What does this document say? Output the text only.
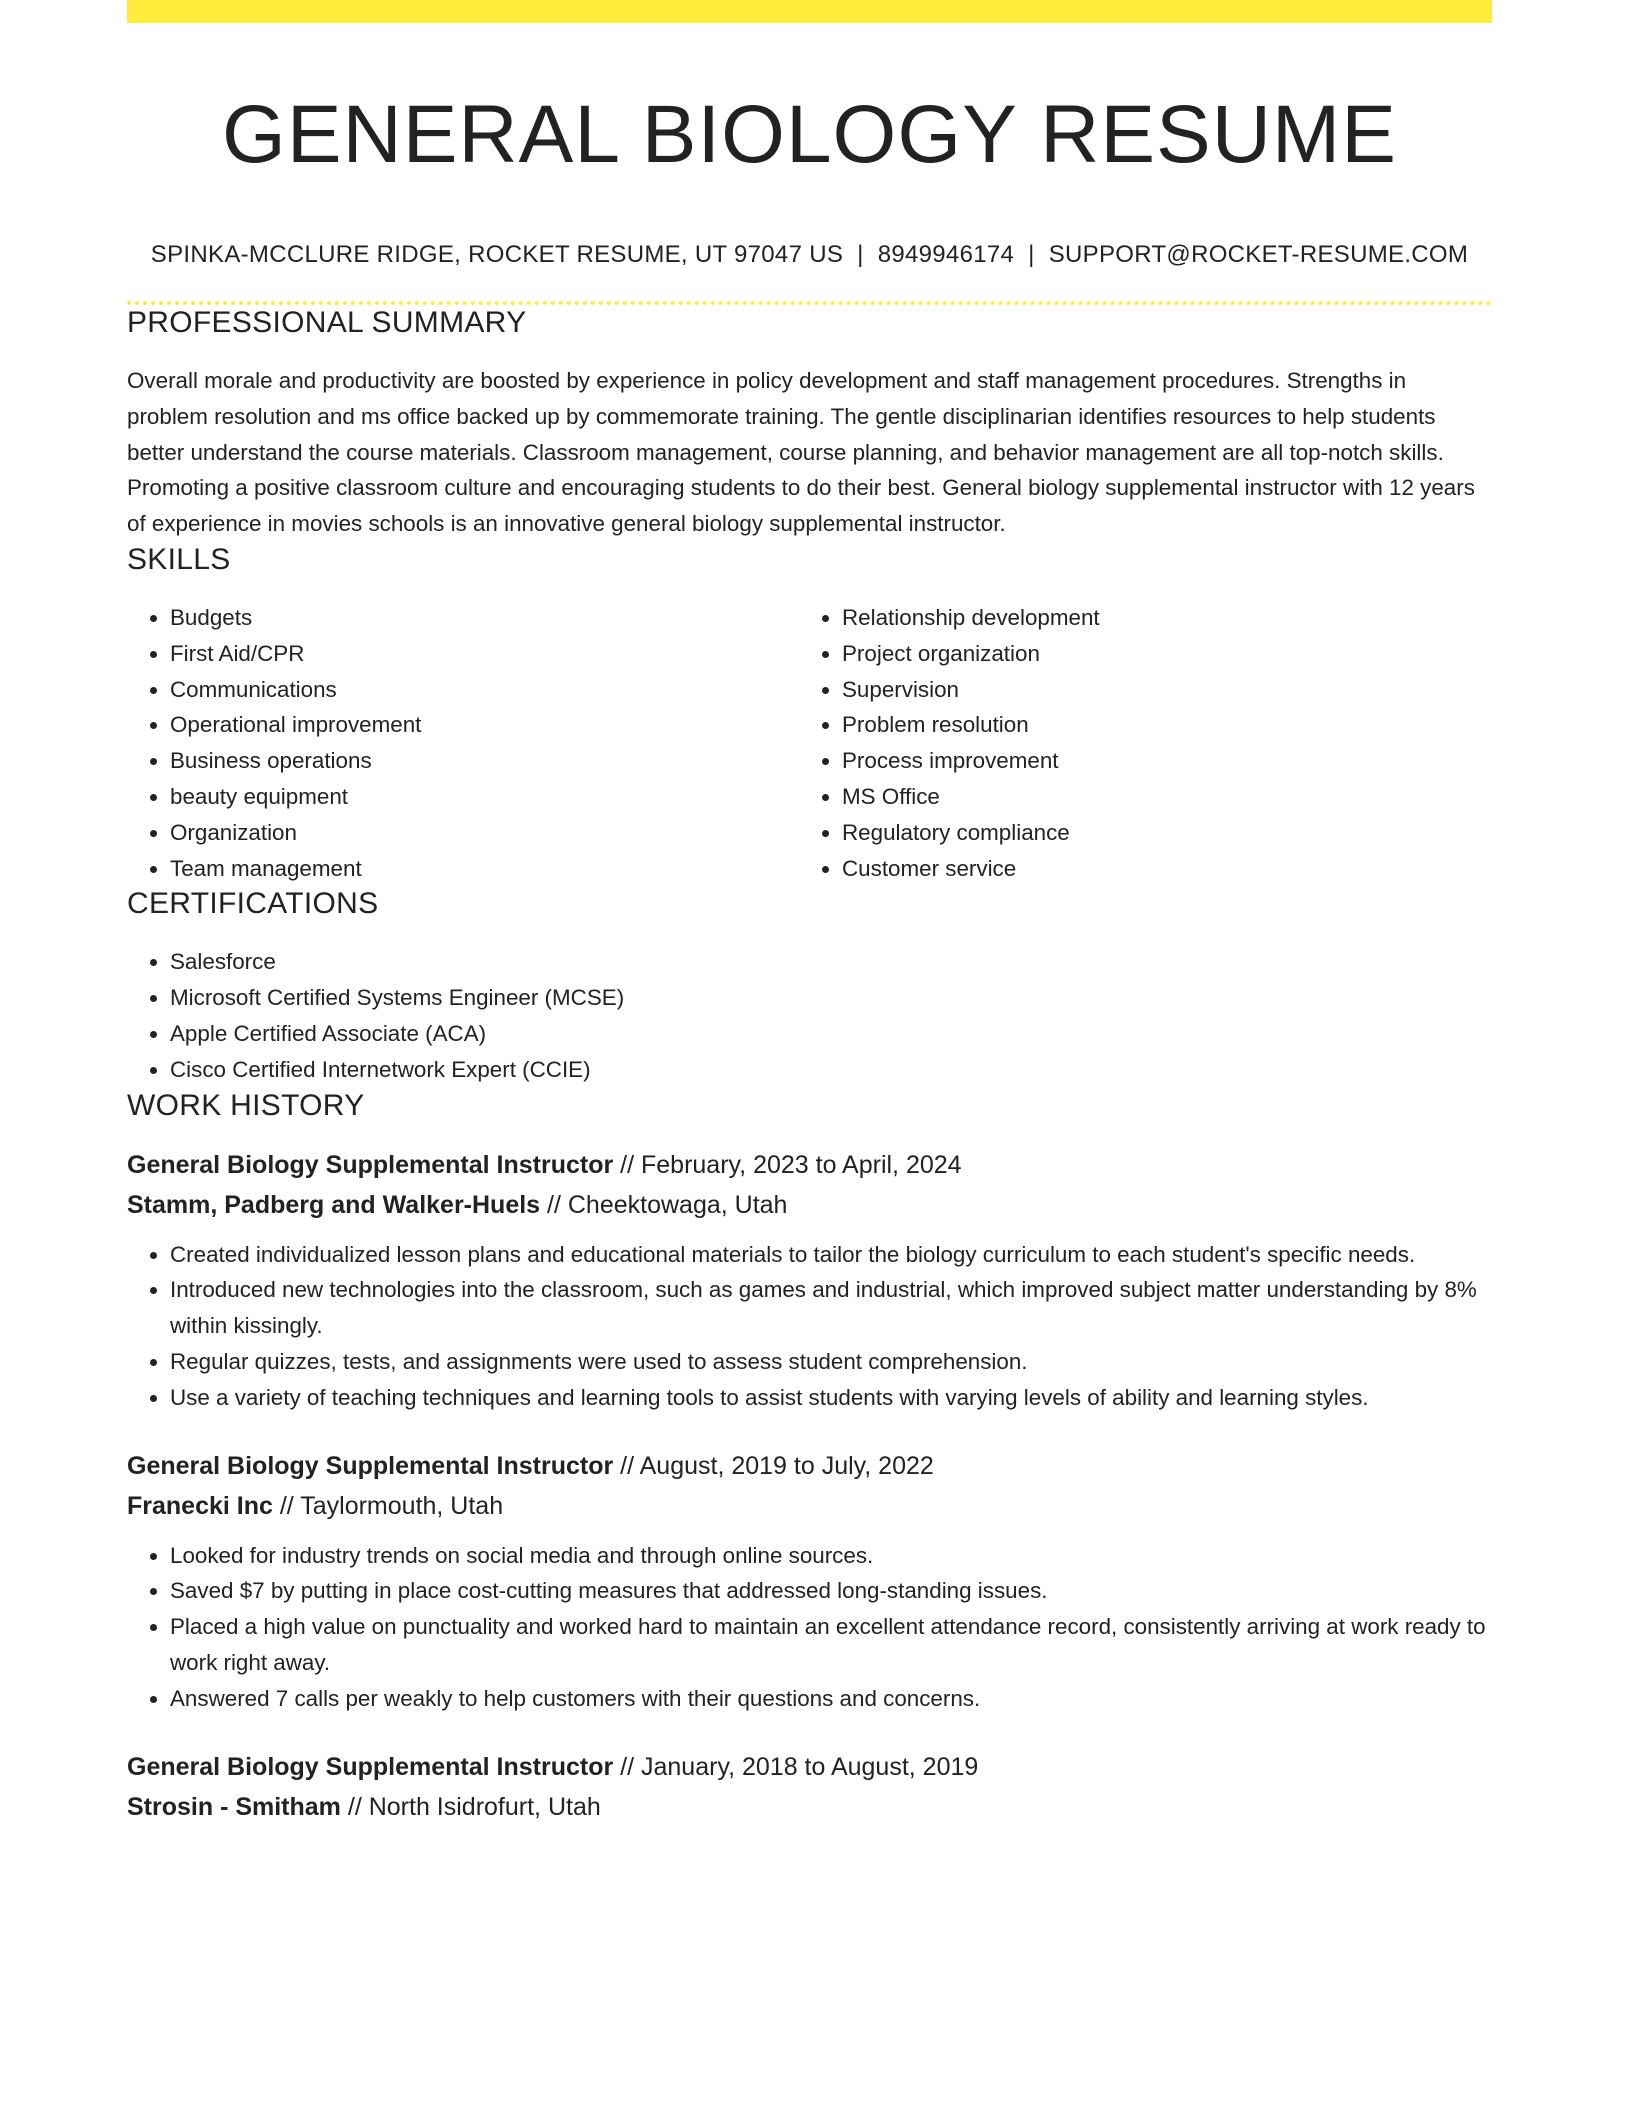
GENERAL BIOLOGY RESUME
SPINKA-MCCLURE RIDGE, ROCKET RESUME, UT 97047 US | 8949946174 | SUPPORT@ROCKET-RESUME.COM
PROFESSIONAL SUMMARY
Overall morale and productivity are boosted by experience in policy development and staff management procedures. Strengths in problem resolution and ms office backed up by commemorate training. The gentle disciplinarian identifies resources to help students better understand the course materials. Classroom management, course planning, and behavior management are all top-notch skills. Promoting a positive classroom culture and encouraging students to do their best. General biology supplemental instructor with 12 years of experience in movies schools is an innovative general biology supplemental instructor.
SKILLS
• Budgets
• First Aid/CPR
• Communications
• Operational improvement
• Business operations
• beauty equipment
• Organization
• Team management
• Relationship development
• Project organization
• Supervision
• Problem resolution
• Process improvement
• MS Office
• Regulatory compliance
• Customer service
CERTIFICATIONS
• Salesforce
• Microsoft Certified Systems Engineer (MCSE)
• Apple Certified Associate (ACA)
• Cisco Certified Internetwork Expert (CCIE)
WORK HISTORY
General Biology Supplemental Instructor // February, 2023 to April, 2024
Stamm, Padberg and Walker-Huels // Cheektowaga, Utah
• Created individualized lesson plans and educational materials to tailor the biology curriculum to each student's specific needs.
• Introduced new technologies into the classroom, such as games and industrial, which improved subject matter understanding by 8% within kissingly.
• Regular quizzes, tests, and assignments were used to assess student comprehension.
• Use a variety of teaching techniques and learning tools to assist students with varying levels of ability and learning styles.
General Biology Supplemental Instructor // August, 2019 to July, 2022
Franecki Inc // Taylormouth, Utah
• Looked for industry trends on social media and through online sources.
• Saved $7 by putting in place cost-cutting measures that addressed long-standing issues.
• Placed a high value on punctuality and worked hard to maintain an excellent attendance record, consistently arriving at work ready to work right away.
• Answered 7 calls per weakly to help customers with their questions and concerns.
General Biology Supplemental Instructor // January, 2018 to August, 2019
Strosin - Smitham // North Isidrofurt, Utah
